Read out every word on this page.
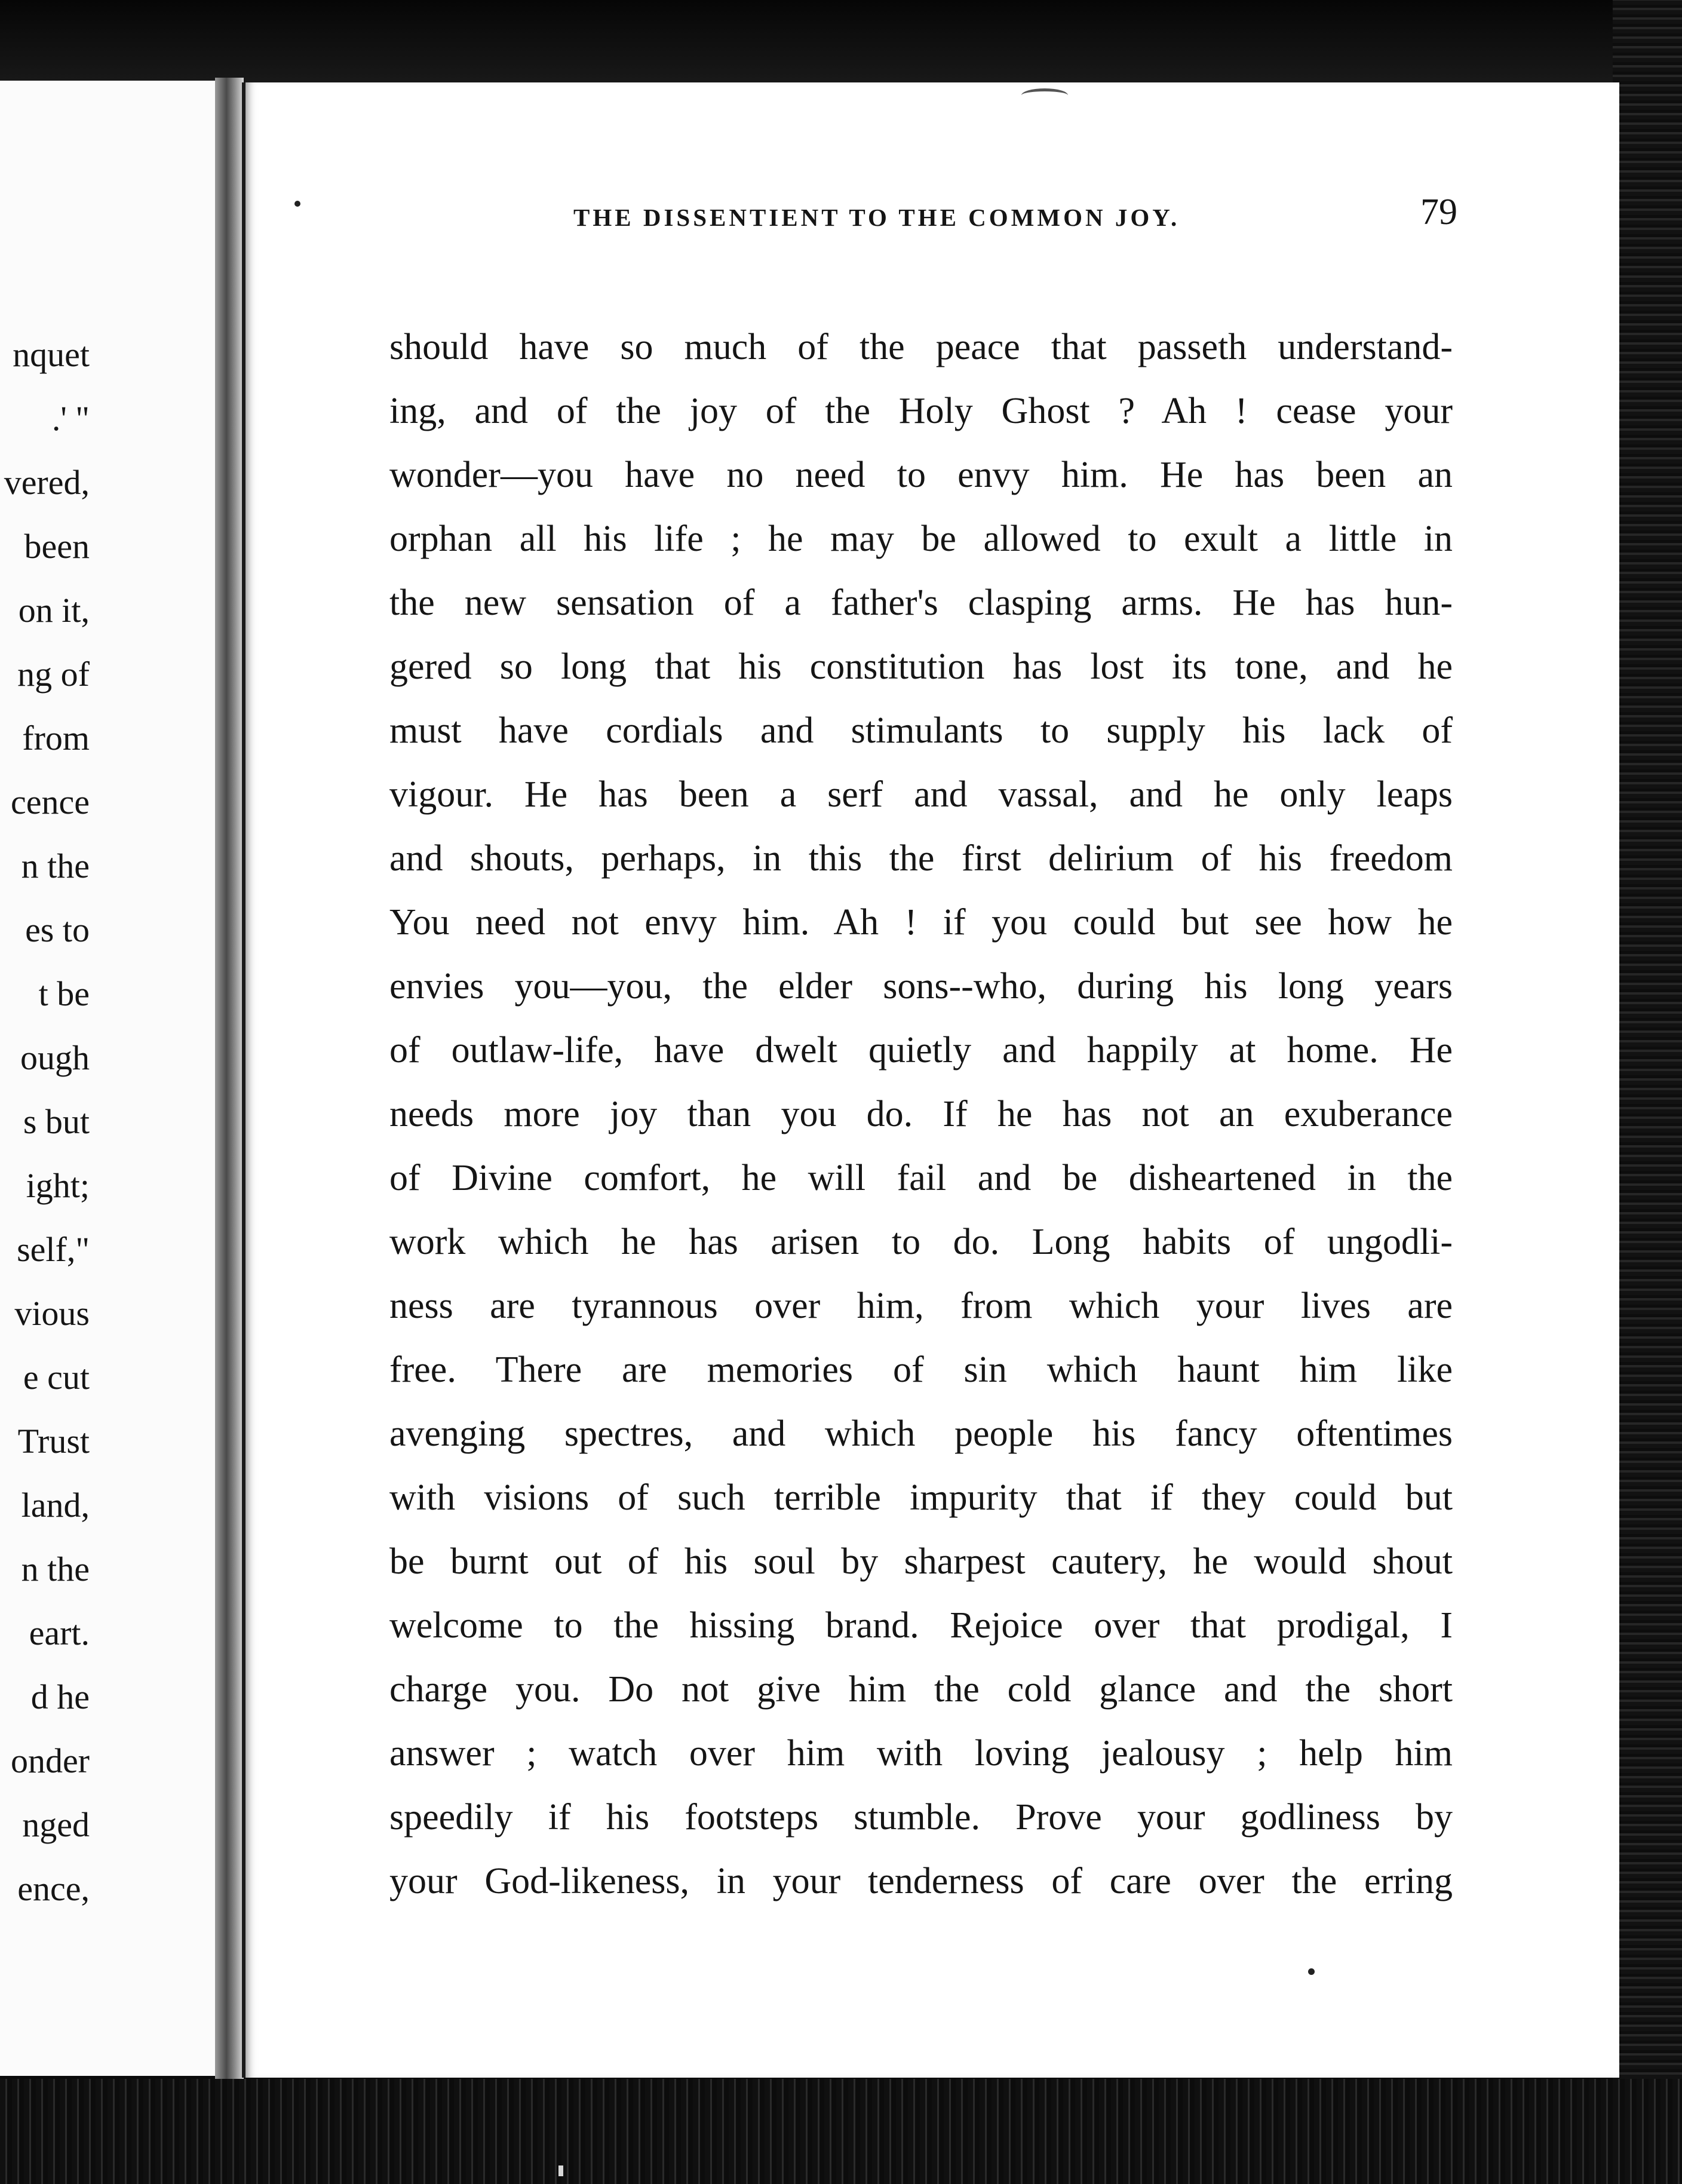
nquet
.' "
vered,
been
on it,
ng of
from
cence
n the
es to
t be
ough
s but
ight;
self,"
vious
e cut
Trust
land,
n the
eart.
d he
onder
nged
ence,
THE DISSENTIENT TO THE COMMON JOY.	79
should have so much of the peace that passeth understand-
ing, and of the joy of the Holy Ghost ? Ah ! cease your
wonder—you have no need to envy him. He has been an
orphan all his life ; he may be allowed to exult a little in
the new sensation of a father's clasping arms. He has hun-
gered so long that his constitution has lost its tone, and he
must have cordials and stimulants to supply his lack of
vigour. He has been a serf and vassal, and he only leaps
and shouts, perhaps, in this the first delirium of his freedom
You need not envy him. Ah ! if you could but see how he
envies you—you, the elder sons--who, during his long years
of outlaw-life, have dwelt quietly and happily at home. He
needs more joy than you do. If he has not an exuberance
of Divine comfort, he will fail and be disheartened in the
work which he has arisen to do. Long habits of ungodli-
ness are tyrannous over him, from which your lives are
free. There are memories of sin which haunt him like
avenging spectres, and which people his fancy oftentimes
with visions of such terrible impurity that if they could but
be burnt out of his soul by sharpest cautery, he would shout
welcome to the hissing brand. Rejoice over that prodigal, I
charge you. Do not give him the cold glance and the short
answer ; watch over him with loving jealousy ; help him
speedily if his footsteps stumble. Prove your godliness by
your God-likeness, in your tenderness of care over the erring
